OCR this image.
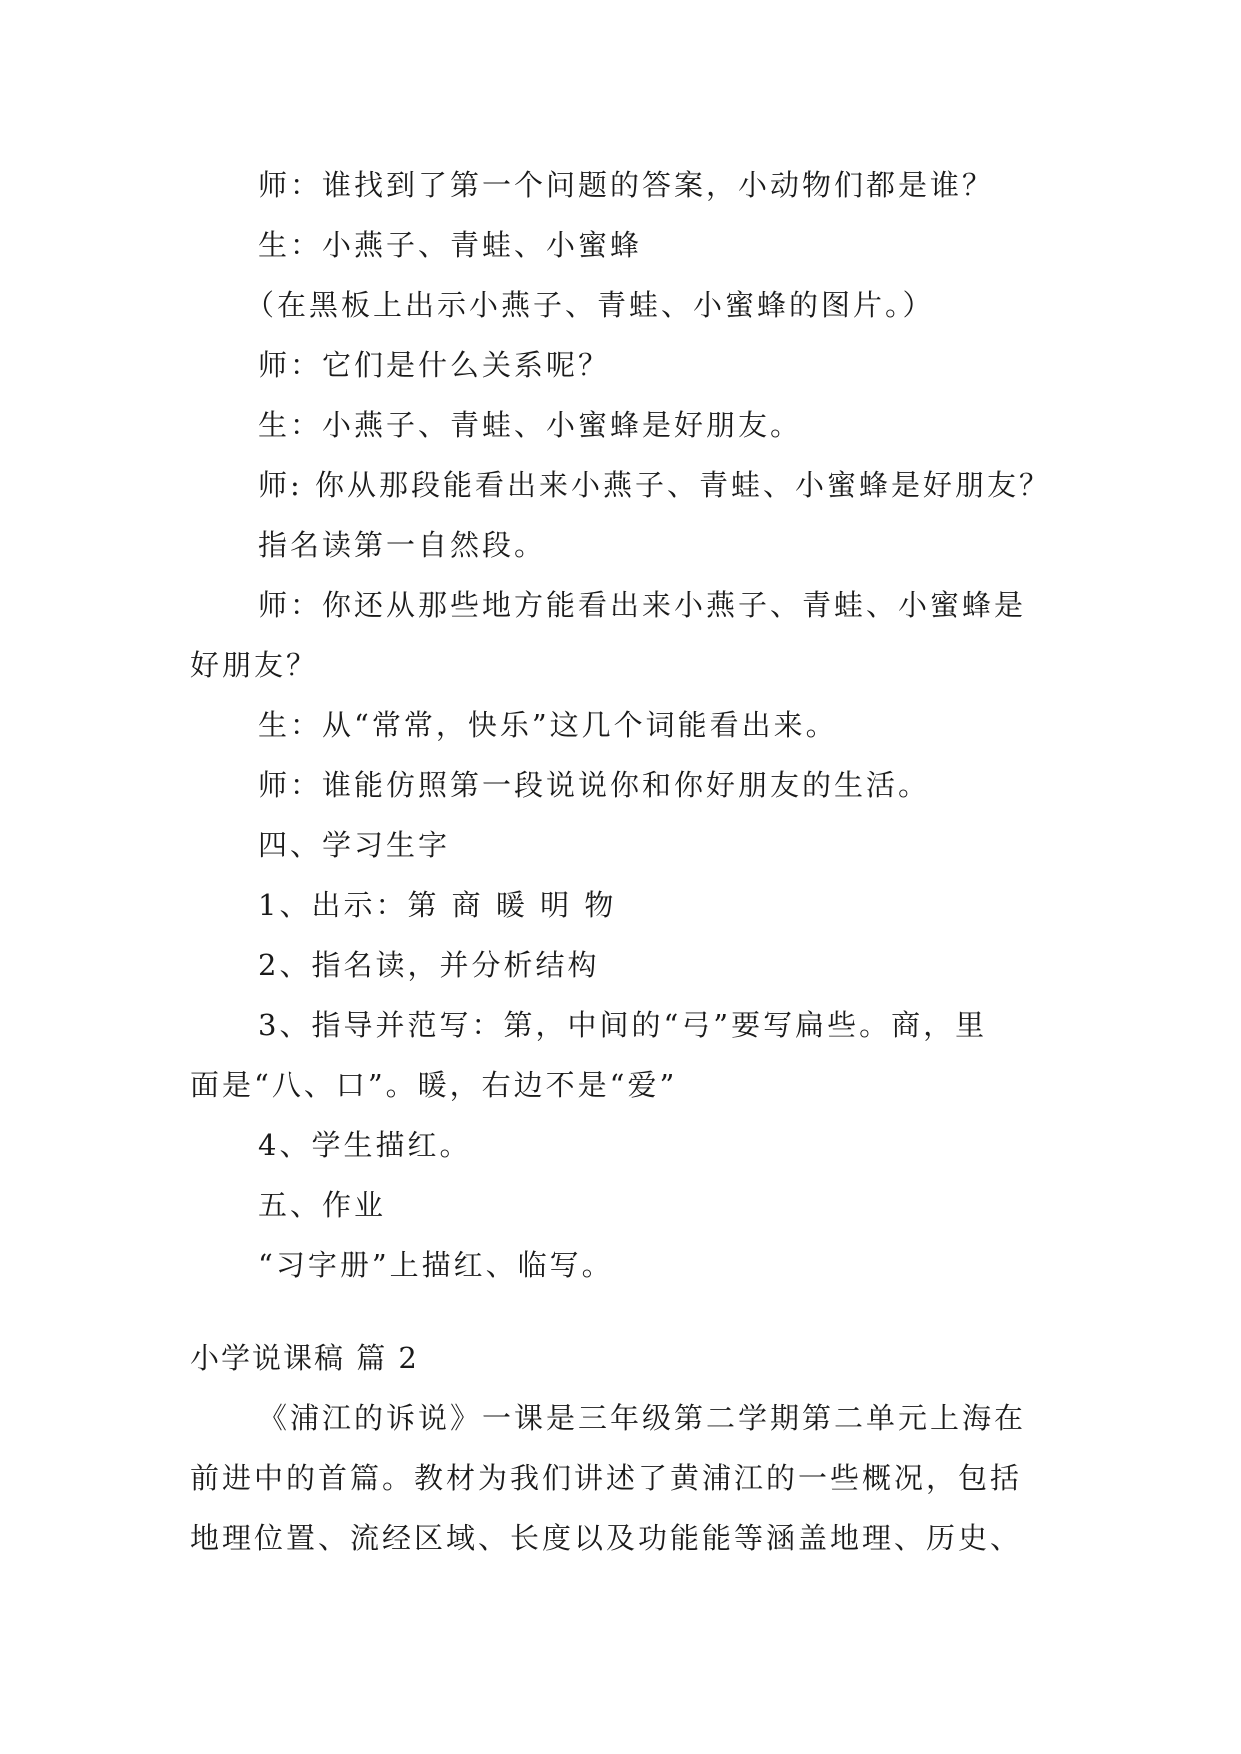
师：谁找到了第一个问题的答案，小动物们都是谁？
生：小燕子、青蛙、小蜜蜂
（在黑板上出示小燕子、青蛙、小蜜蜂的图片。）
师：它们是什么关系呢？
生：小燕子、青蛙、小蜜蜂是好朋友。
师: 你从那段能看出来小燕子、青蛙、小蜜蜂是好朋友？
指名读第一自然段。
师：你还从那些地方能看出来小燕子、青蛙、小蜜蜂是
好朋友？
生：从“常常，快乐”这几个词能看出来。
师：谁能仿照第一段说说你和你好朋友的生活。
四、学习生字
1、出示：第 商 暖 明 物
2、指名读，并分析结构
3、指导并范写：第，中间的“弓”要写扁些。商，里
面是“八、口”。暖，右边不是“爱”
4、学生描红。
五、作业
“习字册”上描红、临写。
小学说课稿 篇 2
《浦江的诉说》一课是三年级第二学期第二单元上海在
前进中的首篇。教材为我们讲述了黄浦江的一些概况，包括
地理位置、流经区域、长度以及功能能等涵盖地理、历史、
